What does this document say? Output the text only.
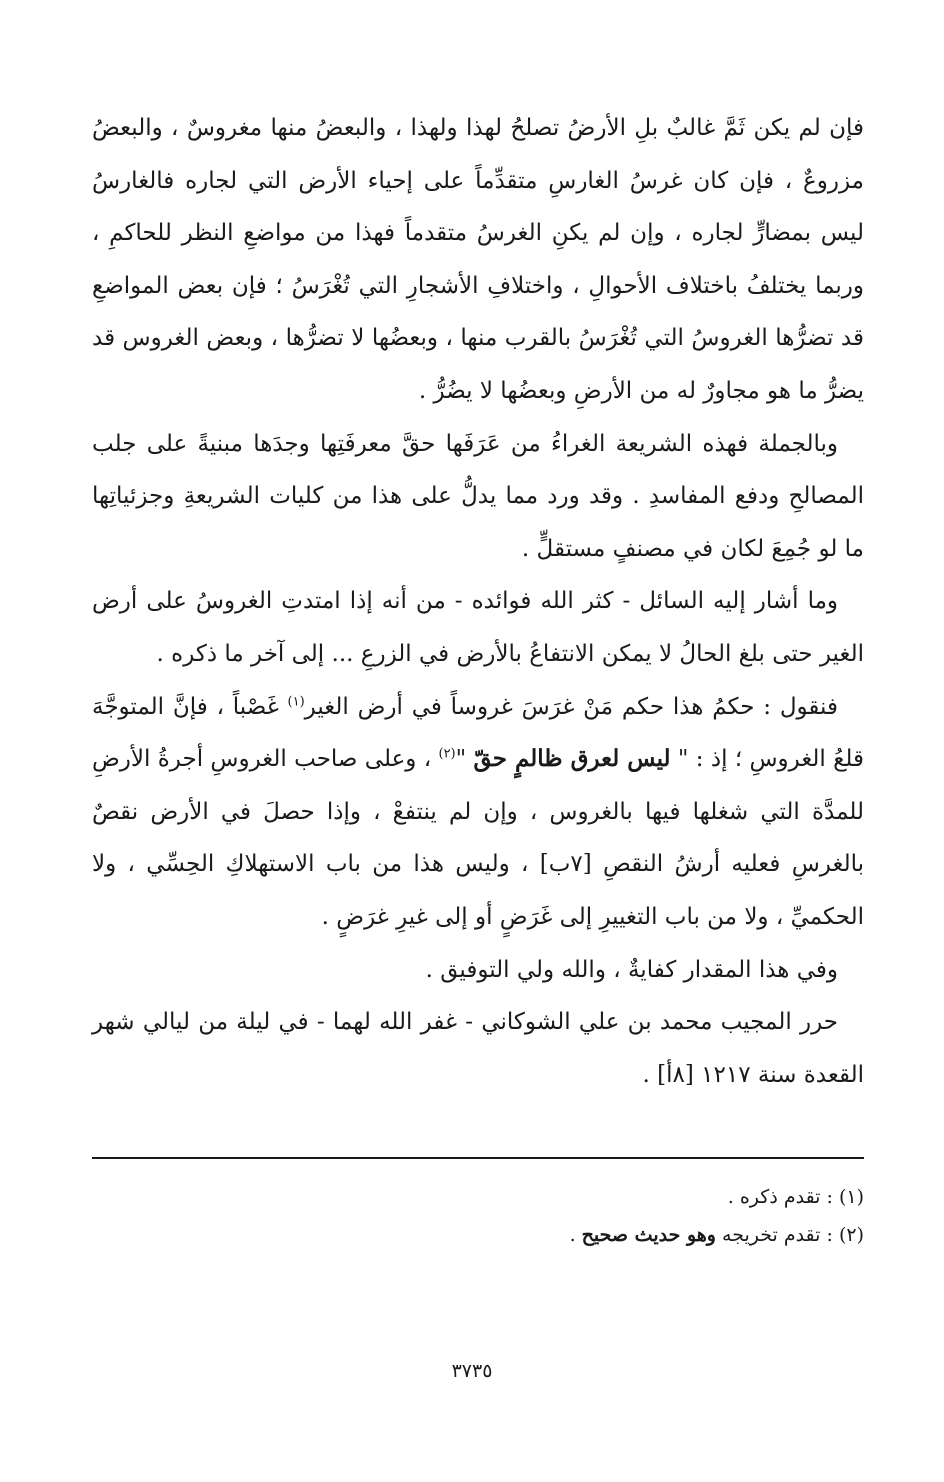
فإن لم يكن ثَمَّ غالبٌ بلِ الأرضُ تصلحُ لهذا ولهذا ، والبعضُ منها مغروسٌ ، والبعضُ مزروعٌ ، فإن كان غرسُ الغارسِ متقدِّماً على إحياء الأرض التي لجاره فالغارسُ ليس بمضارٍّ لجاره ، وإن لم يكنِ الغرسُ متقدماً فهذا من مواضعِ النظر للحاكمِ ، وربما يختلفُ باختلاف الأحوالِ ، واختلافِ الأشجارِ التي تُغْرَسُ ؛ فإن بعض المواضعِ قد تضرُّها الغروسُ التي تُغْرَسُ بالقرب منها ، وبعضُها لا تضرُّها ، وبعض الغروس قد يضرُّ ما هو مجاورٌ له من الأرضِ وبعضُها لا يضُرُّ .

وبالجملة فهذه الشريعة الغراءُ من عَرَفَها حقَّ معرفَتِها وجدَها مبنيةً على جلب المصالحِ ودفع المفاسدِ . وقد ورد مما يدلُّ على هذا من كليات الشريعةِ وجزئياتِها ما لو جُمِعَ لكان في مصنفٍ مستقلٍّ .

وما أشار إليه السائل - كثر الله فوائده - من أنه إذا امتدتِ الغروسُ على أرض الغير حتى بلغ الحالُ لا يمكن الانتفاعُ بالأرض في الزرعِ ... إلى آخر ما ذكره .

فنقول : حكمُ هذا حكم مَنْ غرَسَ غروساً في أرض الغير$^{(١)}$ غَصْباً ، فإنَّ المتوجَّهَ قلعُ الغروسِ ؛ إذ : " ليس لعرق ظالمٍ حقّ "$^{(٢)}$ ، وعلى صاحب الغروسِ أجرةُ الأرضِ للمدَّة التي شغلها فيها بالغروس ، وإن لم ينتفعْ ، وإذا حصلَ في الأرض نقصٌ بالغرسِ فعليه أرشُ النقصِ [٧ب] ، وليس هذا من باب الاستهلاكِ الحِسِّي ، ولا الحكميِّ ، ولا من باب التغييرِ إلى غَرَضٍ أو إلى غيرِ غرَضٍ .

وفي هذا المقدار كفايةٌ ، والله ولي التوفيق .

حرر المجيب محمد بن علي الشوكاني - غفر الله لهما - في ليلة من ليالي شهر القعدة سنة ١٢١٧ [٨أ] .

(١) : تقدم ذكره .

(٢) : تقدم تخريجه وهو حديث صحيح .

٣٧٣٥
